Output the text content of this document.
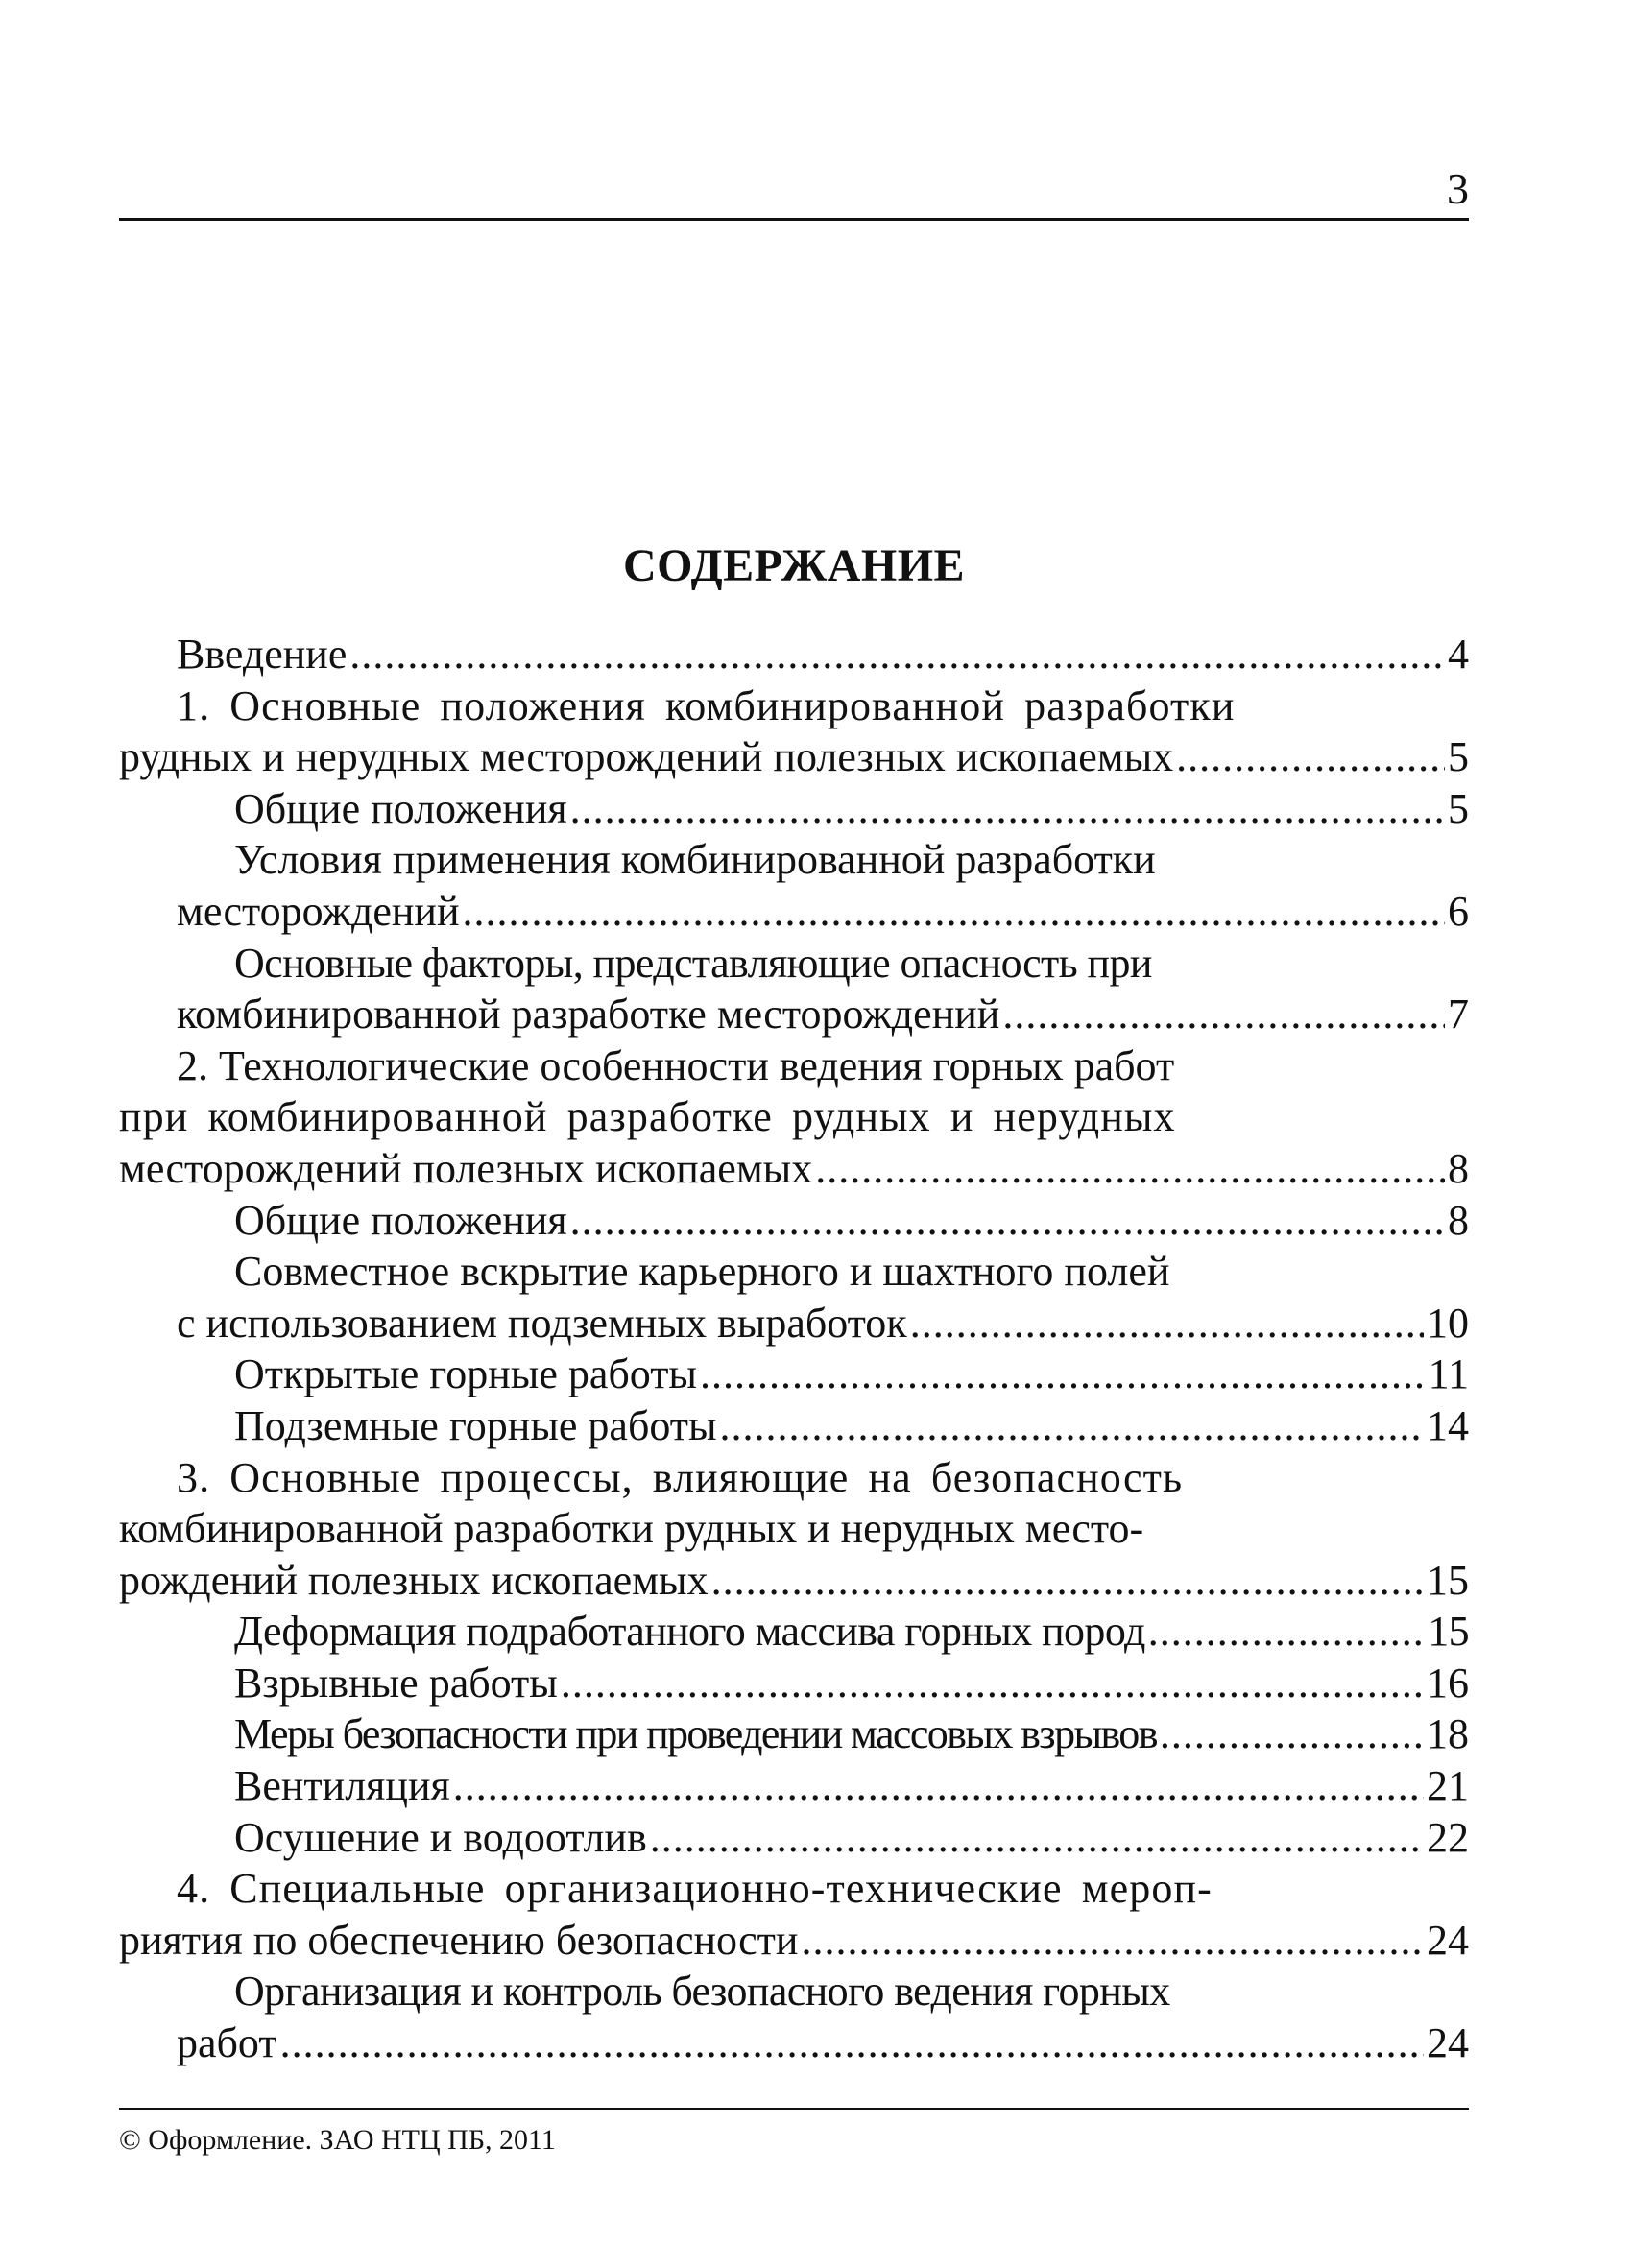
3
СОДЕРЖАНИЕ
Введение .....	4
1. Основные положения комбинированной разработки
рудных и нерудных месторождений полезных ископаемых .....	5
Общие положения .....	5
Условия применения комбинированной разработки
месторождений .....	6
Основные факторы, представляющие опасность при
комбинированной разработке месторождений .....	7
2. Технологические особенности ведения горных работ
при комбинированной разработке рудных и нерудных
месторождений полезных ископаемых .....	8
Общие положения .....	8
Совместное вскрытие карьерного и шахтного полей
с использованием подземных выработок .....	10
Открытые горные работы .....	11
Подземные горные работы .....	14
3. Основные процессы, влияющие на безопасность
комбинированной разработки рудных и нерудных место-
рождений полезных ископаемых .....	15
Деформация подработанного массива горных пород .....	15
Взрывные работы .....	16
Меры безопасности при проведении массовых взрывов .....	18
Вентиляция .....	21
Осушение и водоотлив .....	22
4. Специальные организационно-технические мероп-
риятия по обеспечению безопасности .....	24
Организация и контроль безопасного ведения горных
работ .....	24
© Оформление. ЗАО НТЦ ПБ, 2011
